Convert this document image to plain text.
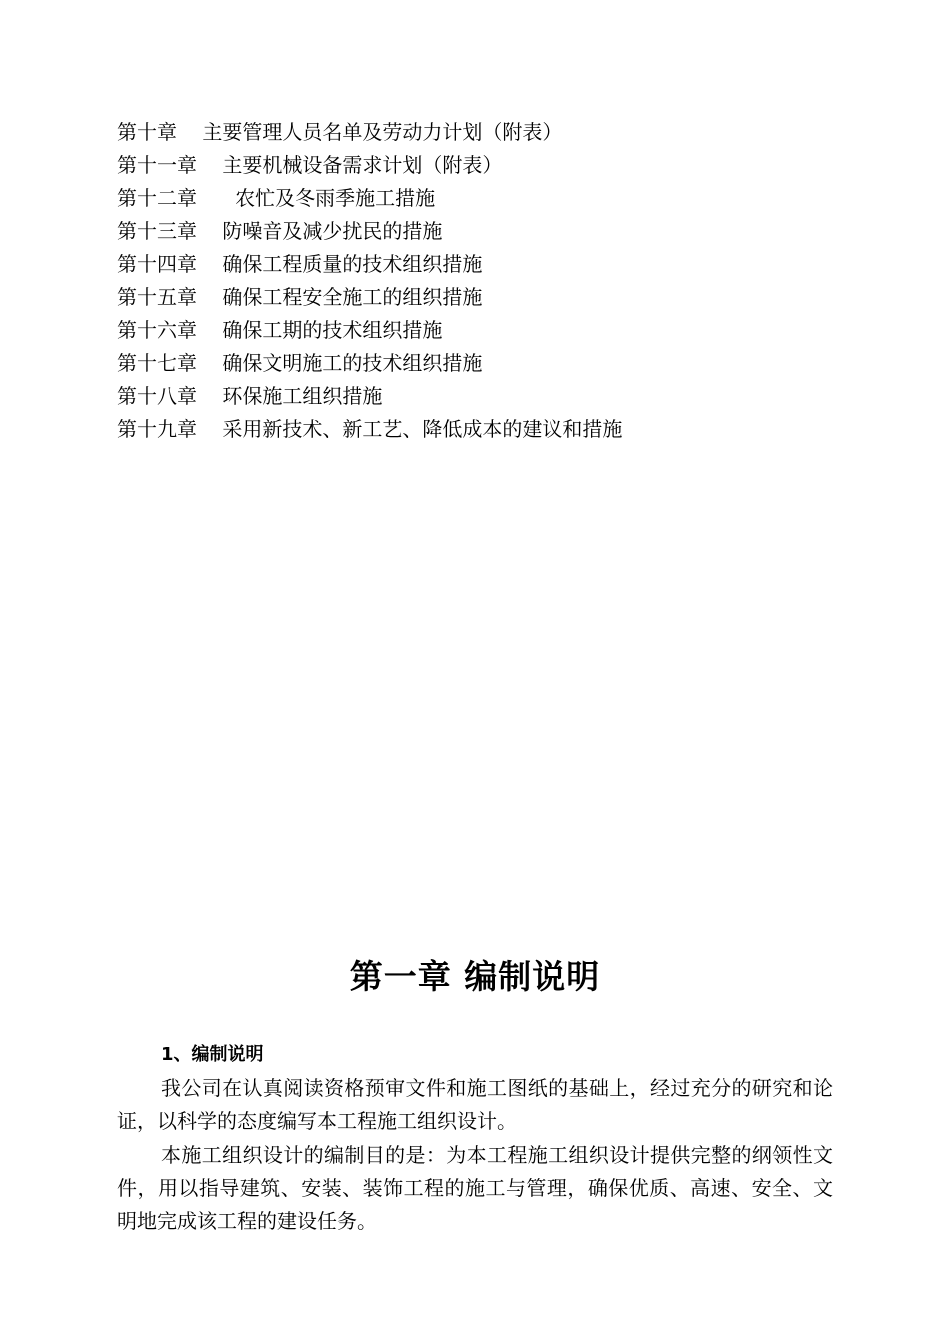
第十章    主要管理人员名单及劳动力计划（附表）
第十一章    主要机械设备需求计划（附表）
第十二章      农忙及冬雨季施工措施
第十三章    防噪音及减少扰民的措施
第十四章    确保工程质量的技术组织措施
第十五章    确保工程安全施工的组织措施
第十六章    确保工期的技术组织措施
第十七章    确保文明施工的技术组织措施
第十八章    环保施工组织措施
第十九章    采用新技术、新工艺、降低成本的建议和措施
第一章 编制说明
1、编制说明

我公司在认真阅读资格预审文件和施工图纸的基础上，经过充分的研究和论证，以科学的态度编写本工程施工组织设计。

本施工组织设计的编制目的是：为本工程施工组织设计提供完整的纲领性文件，用以指导建筑、安装、装饰工程的施工与管理，确保优质、高速、安全、文明地完成该工程的建设任务。
